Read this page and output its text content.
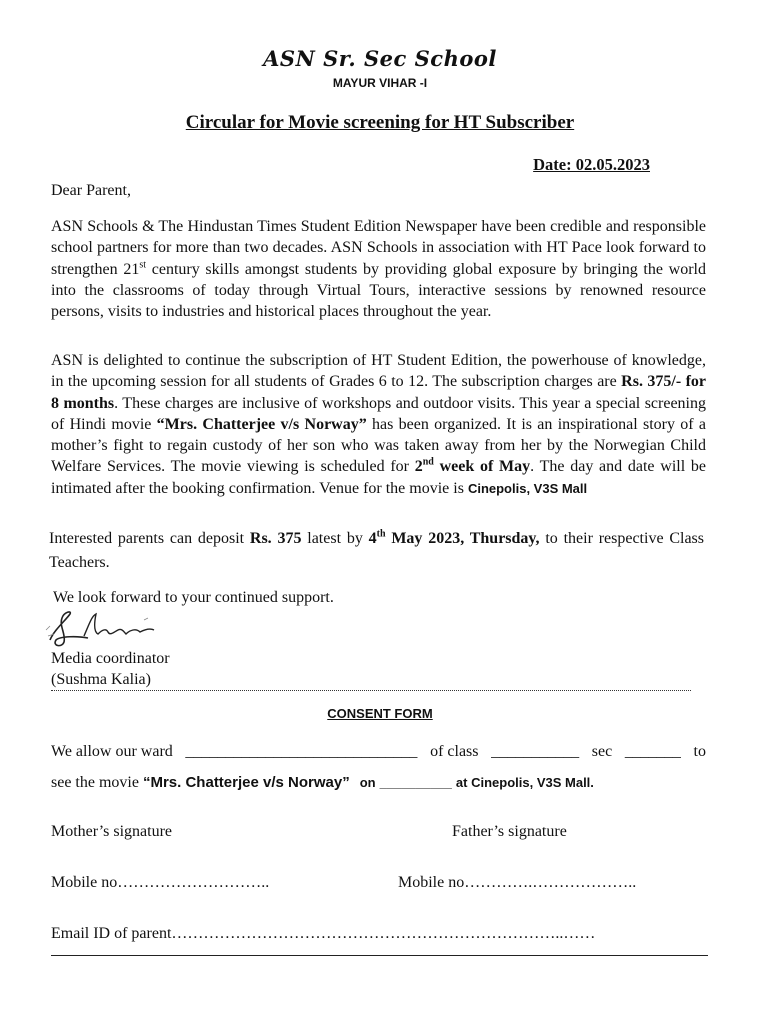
ASN Sr. Sec School
MAYUR VIHAR -I
Circular for Movie screening for HT Subscriber
Date: 02.05.2023
Dear Parent,
ASN Schools & The Hindustan Times Student Edition Newspaper have been credible and responsible school partners for more than two decades. ASN Schools in association with HT Pace look forward to strengthen 21st century skills amongst students by providing global exposure by bringing the world into the classrooms of today through Virtual Tours, interactive sessions by renowned resource persons, visits to industries and historical places throughout the year.
ASN is delighted to continue the subscription of HT Student Edition, the powerhouse of knowledge, in the upcoming session for all students of Grades 6 to 12. The subscription charges are Rs. 375/- for 8 months. These charges are inclusive of workshops and outdoor visits. This year a special screening of Hindi movie “Mrs. Chatterjee v/s Norway” has been organized. It is an inspirational story of a mother’s fight to regain custody of her son who was taken away from her by the Norwegian Child Welfare Services. The movie viewing is scheduled for 2nd week of May. The day and date will be intimated after the booking confirmation. Venue for the movie is Cinepolis, V3S Mall
Interested parents can deposit Rs. 375 latest by 4th May 2023, Thursday, to their respective Class Teachers.
We look forward to your continued support.
Media coordinator
(Sushma Kalia)
CONSENT FORM
We allow our ward _____________________________ of class ___________ sec _______ to
see the movie “Mrs. Chatterjee v/s Norway” on __________ at Cinepolis, V3S Mall.
Mother’s signature	Father’s signature
Mobile no………………………..	Mobile no………….………………..
Email ID of parent………………………………………………………………..……
